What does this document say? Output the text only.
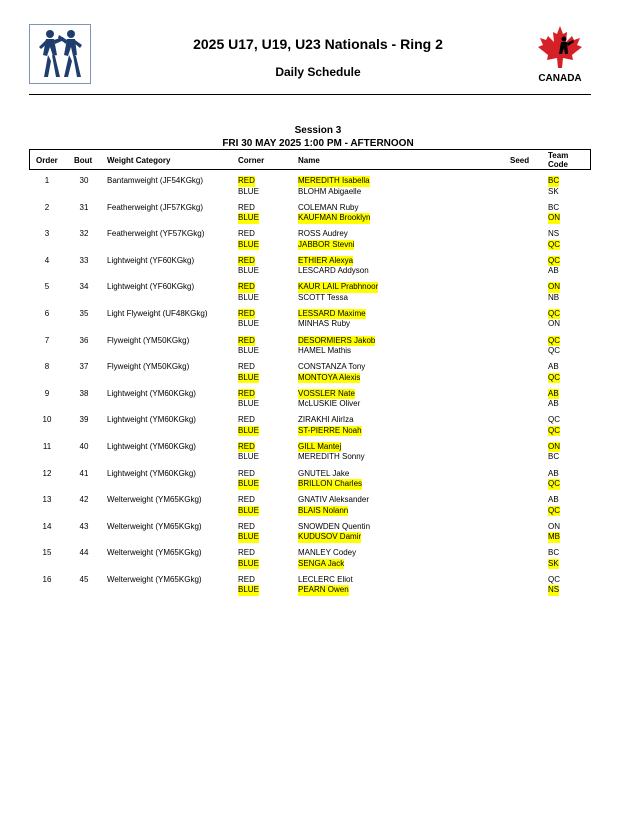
2025 U17, U19, U23 Nationals - Ring 2
Daily Schedule	CANADA
Session 3
FRI 30 MAY 2025 1:00 PM - AFTERNOON
Order Bout Weight Category	Corner	Name	Seed
Team
Code
1	30	Bantamweight (JF54KGkg)	RED	MEREDITH Isabella	BC
BLUE	BLOHM Abigaelle	SK
2	31	Featherweight (JF57KGkg)	RED	COLEMAN Ruby	BC
BLUE	KAUFMAN Brooklyn	ON
3	32	Featherweight (YF57KGkg)	RED	ROSS Audrey	NS
BLUE	JABBOR Stevni	QC
4	33	Lightweight (YF60KGkg)	RED	ETHIER Alexya	QC
BLUE	LESCARD Addyson	AB
5	34	Lightweight (YF60KGkg)	RED	KAUR LAIL Prabhnoor	ON
BLUE	SCOTT Tessa	NB
6	35	Light Flyweight (UF48KGkg)	RED	LESSARD Maxime	QC
BLUE	MINHAS Ruby	ON
7	36	Flyweight (YM50KGkg)	RED	DESORMIERS Jakob	QC
BLUE	HAMEL Mathis	QC
8	37	Flyweight (YM50KGkg)	RED	CONSTANZA Tony	AB
BLUE	MONTOYA Alexis	QC
9	38	Lightweight (YM60KGkg)	RED	VOSSLER Nate	AB
BLUE	McLUSKIE Oliver	AB
10	39	Lightweight (YM60KGkg)	RED	ZIRAKHI AlirIza	QC
BLUE	ST-PIERRE Noah	QC
11	40	Lightweight (YM60KGkg)	RED	GILL Mantej	ON
BLUE	MEREDITH Sonny	BC
12	41	Lightweight (YM60KGkg)	RED	GNUTEL Jake	AB
BLUE	BRILLON Charles	QC
13	42	Welterweight (YM65KGkg)	RED	GNATIV Aleksander	AB
BLUE	BLAIS Nolann	QC
14	43	Welterweight (YM65KGkg)	RED	SNOWDEN Quentin	ON
BLUE	KUDUSOV Damir	MB
15	44	Welterweight (YM65KGkg)	RED	MANLEY Codey	BC
BLUE	SENGA Jack	SK
16	45	Welterweight (YM65KGkg)	RED	LECLERC Eliot	QC
BLUE	PEARN Owen	NS
